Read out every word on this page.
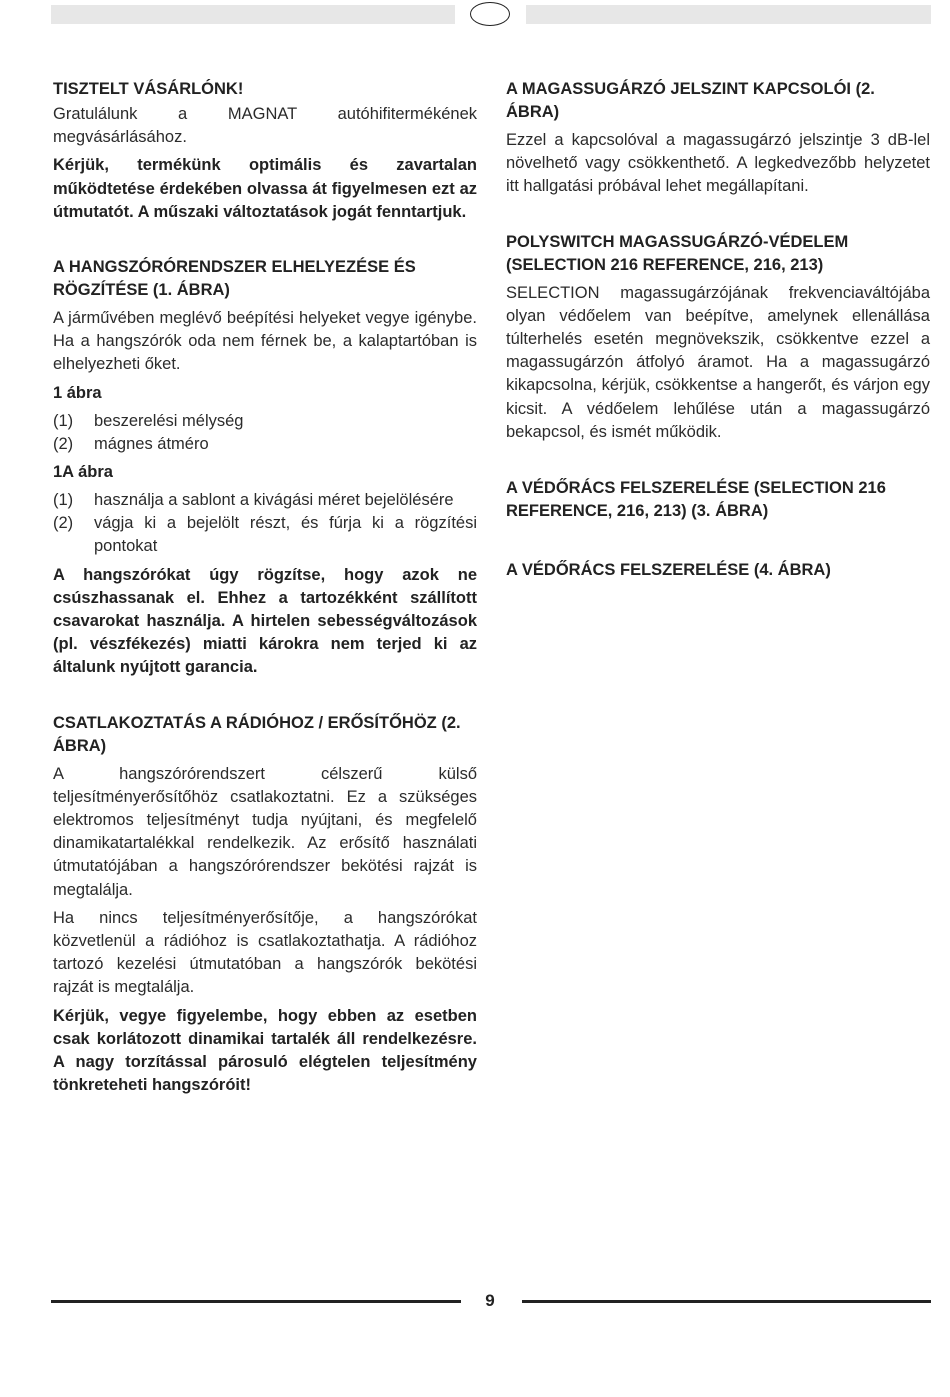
TISZTELT VÁSÁRLÓNK!

Gratulálunk a MAGNAT autóhifitermékének megvásárlásához.

Kérjük, termékünk optimális és zavartalan működtetése érdekében olvassa át figyelmesen ezt az útmutatót. A műszaki változtatások jogát fenntartjuk.

A HANGSZÓRÓRENDSZER ELHELYEZÉSE ÉS RÖGZÍTÉSE (1. ÁBRA)

A járművében meglévő beépítési helyeket vegye igénybe. Ha a hangszórók oda nem férnek be, a kalaptartóban is elhelyezheti őket.

1 ábra

(1) beszerelési mélység
(2) mágnes átméro

1A ábra

(1) használja a sablont a kivágási méret bejelölésére
(2) vágja ki a bejelölt részt, és fúrja ki a rögzítési pontokat

A hangszórókat úgy rögzítse, hogy azok ne csúszhassanak el. Ehhez a tartozékként szállított csavarokat használja. A hirtelen sebességváltozások (pl. vészfékezés) miatti károkra nem terjed ki az általunk nyújtott garancia.

CSATLAKOZTATÁS A RÁDIÓHOZ / ERŐSÍTŐHÖZ (2. ÁBRA)

A hangszórórendszert célszerű külső teljesítményerősítőhöz csatlakoztatni. Ez a szükséges elektromos teljesítményt tudja nyújtani, és megfelelő dinamikatartalékkal rendelkezik. Az erősítő használati útmutatójában a hangszórórendszer bekötési rajzát is megtalálja.

Ha nincs teljesítményerősítője, a hangszórókat közvetlenül a rádióhoz is csatlakoztathatja. A rádióhoz tartozó kezelési útmutatóban a hangszórók bekötési rajzát is megtalálja.

Kérjük, vegye figyelembe, hogy ebben az esetben csak korlátozott dinamikai tartalék áll rendelkezésre. A nagy torzítással párosuló elégtelen teljesítmény tönkreteheti hangszóróit!

A MAGASSUGÁRZÓ JELSZINT KAPCSOLÓI (2. ÁBRA)

Ezzel a kapcsolóval a magassugárzó jelszintje 3 dB-lel növelhető vagy csökkenthető. A legkedvezőbb helyzetet itt hallgatási próbával lehet megállapítani.

POLYSWITCH MAGASSUGÁRZÓ-VÉDELEM (SELECTION 216 REFERENCE, 216, 213)

SELECTION magassugárzójának frekvenciaváltójába olyan védőelem van beépítve, amelynek ellenállása túlterhelés esetén megnövekszik, csökkentve ezzel a magassugárzón átfolyó áramot. Ha a magassugárzó kikapcsolna, kérjük, csökkentse a hangerőt, és várjon egy kicsit. A védőelem lehűlése után a magassugárzó bekapcsol, és ismét működik.

A VÉDŐRÁCS FELSZERELÉSE (SELECTION 216 REFERENCE, 216, 213) (3. ÁBRA)

A VÉDŐRÁCS FELSZERELÉSE (4. ÁBRA)

9
